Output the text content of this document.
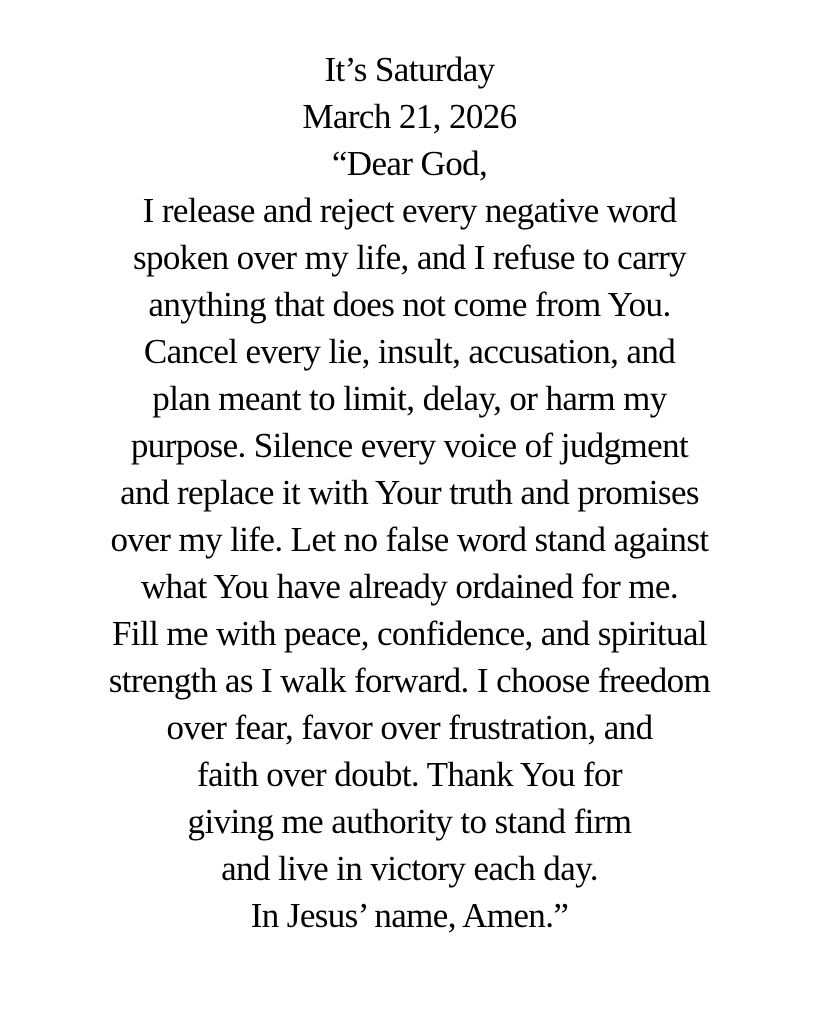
It’s Saturday
March 21, 2026
“Dear God,
I release and reject every negative word
spoken over my life, and I refuse to carry
anything that does not come from You.
Cancel every lie, insult, accusation, and
plan meant to limit, delay, or harm my
purpose. Silence every voice of judgment
and replace it with Your truth and promises
over my life. Let no false word stand against
what You have already ordained for me.
Fill me with peace, confidence, and spiritual
strength as I walk forward. I choose freedom
over fear, favor over frustration, and
faith over doubt. Thank You for
giving me authority to stand firm
and live in victory each day.
In Jesus’ name, Amen.”
